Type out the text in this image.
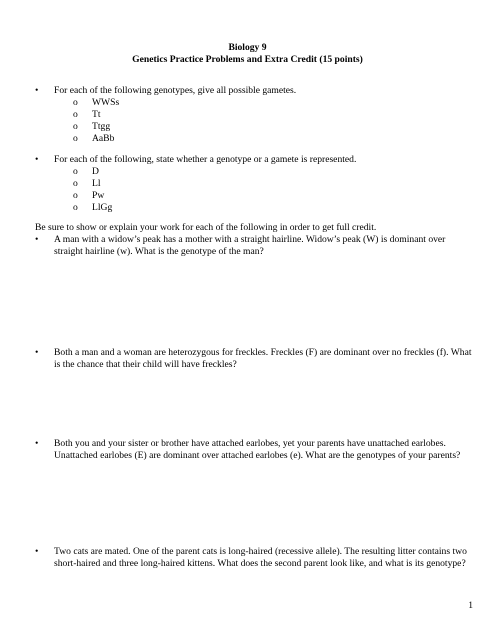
Biology 9
Genetics Practice Problems and Extra Credit (15 points)
• For each of the following genotypes, give all possible gametes.
o WWSs
o Tt
o Ttgg
o AaBb
• For each of the following, state whether a genotype or a gamete is represented.
o D
o Ll
o Pw
o LlGg
Be sure to show or explain your work for each of the following in order to get full credit.
• A man with a widow’s peak has a mother with a straight hairline. Widow’s peak (W) is dominant over straight hairline (w). What is the genotype of the man?
• Both a man and a woman are heterozygous for freckles. Freckles (F) are dominant over no freckles (f). What is the chance that their child will have freckles?
• Both you and your sister or brother have attached earlobes, yet your parents have unattached earlobes. Unattached earlobes (E) are dominant over attached earlobes (e). What are the genotypes of your parents?
• Two cats are mated. One of the parent cats is long-haired (recessive allele). The resulting litter contains two short-haired and three long-haired kittens. What does the second parent look like, and what is its genotype?
1
